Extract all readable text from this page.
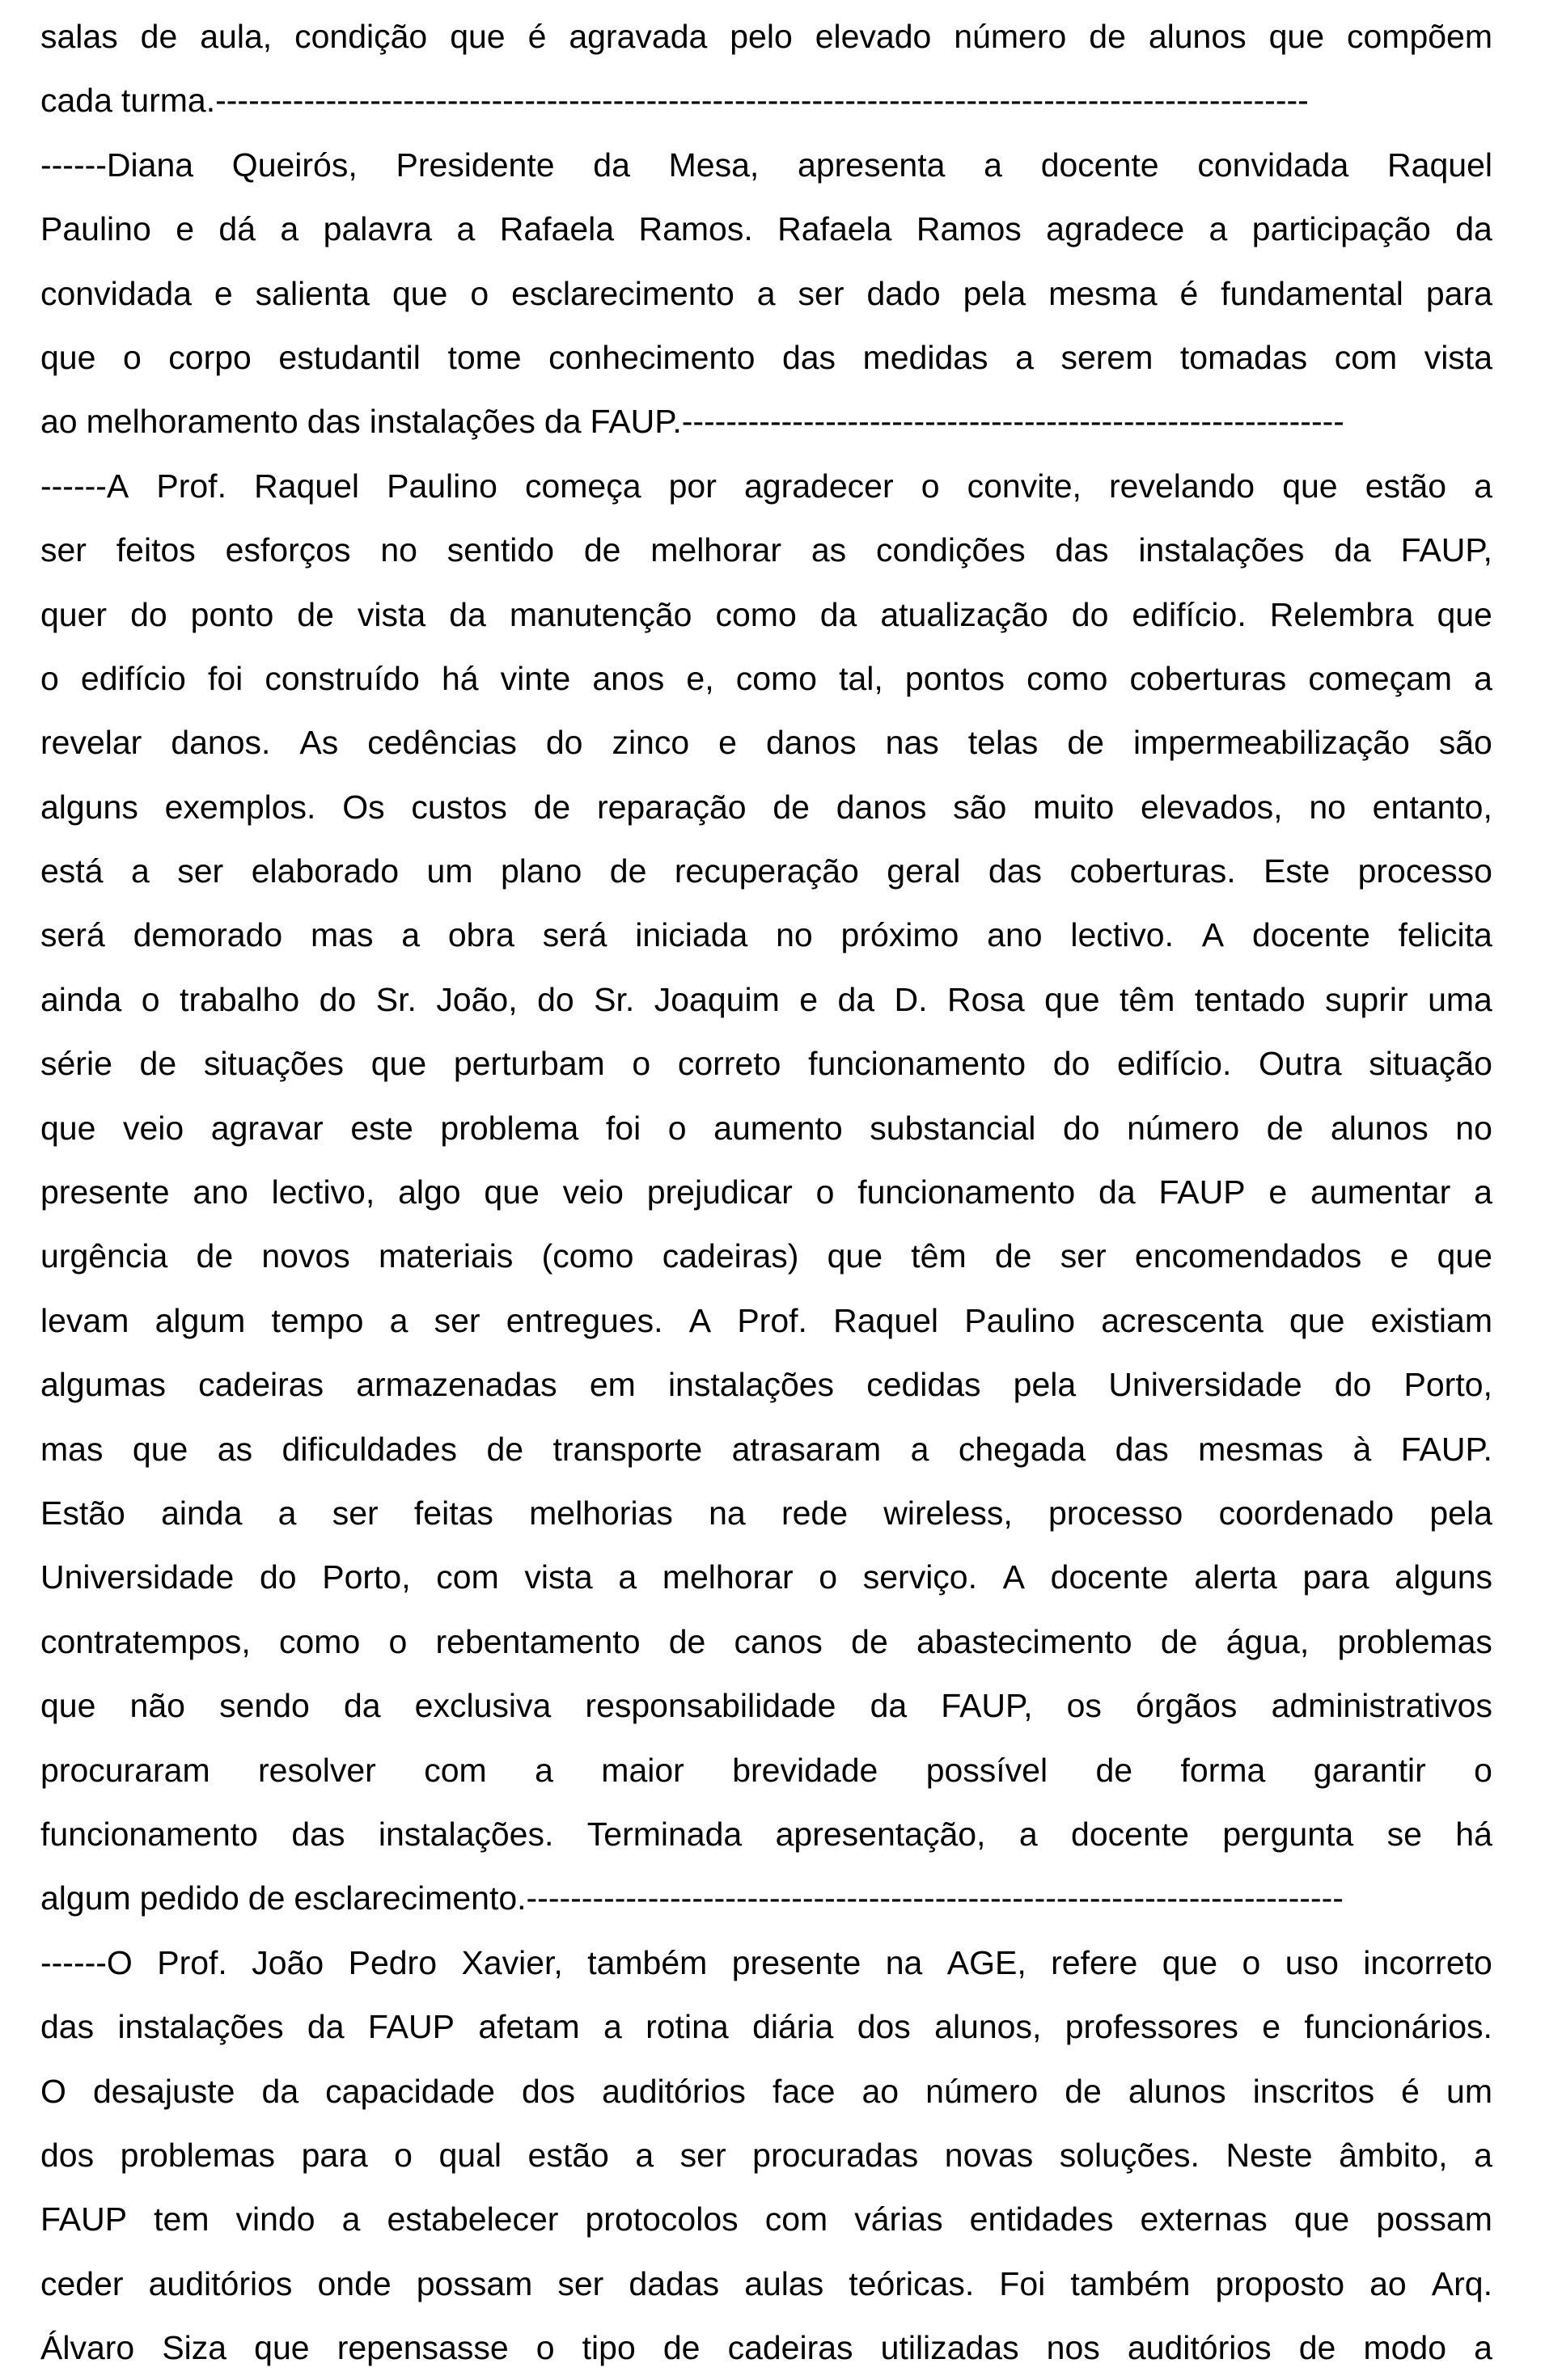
salas de aula, condição que é agravada pelo elevado número de alunos que compõem
cada turma.---------------------------------------------------------------------------------------------------
------Diana Queirós, Presidente da Mesa, apresenta a docente convidada Raquel
Paulino e dá a palavra a Rafaela Ramos. Rafaela Ramos agradece a participação da
convidada e salienta que o esclarecimento a ser dado pela mesma é fundamental para
que o corpo estudantil tome conhecimento das medidas a serem tomadas com vista
ao melhoramento das instalações da FAUP.------------------------------------------------------------
------A Prof. Raquel Paulino começa por agradecer o convite, revelando que estão a
ser feitos esforços no sentido de melhorar as condições das instalações da FAUP,
quer do ponto de vista da manutenção como da atualização do edifício. Relembra que
o edifício foi construído há vinte anos e, como tal, pontos como coberturas começam a
revelar danos. As cedências do zinco e danos nas telas de impermeabilização são
alguns exemplos. Os custos de reparação de danos são muito elevados, no entanto,
está a ser elaborado um plano de recuperação geral das coberturas. Este processo
será demorado mas a obra será iniciada no próximo ano lectivo. A docente felicita
ainda o trabalho do Sr. João, do Sr. Joaquim e da D. Rosa que têm tentado suprir uma
série de situações que perturbam o correto funcionamento do edifício. Outra situação
que veio agravar este problema foi o aumento substancial do número de alunos no
presente ano lectivo, algo que veio prejudicar o funcionamento da FAUP e aumentar a
urgência de novos materiais (como cadeiras) que têm de ser encomendados e que
levam algum tempo a ser entregues. A Prof. Raquel Paulino acrescenta que existiam
algumas cadeiras armazenadas em instalações cedidas pela Universidade do Porto,
mas que as dificuldades de transporte atrasaram a chegada das mesmas à FAUP.
Estão ainda a ser feitas melhorias na rede wireless, processo coordenado pela
Universidade do Porto, com vista a melhorar o serviço. A docente alerta para alguns
contratempos, como o rebentamento de canos de abastecimento de água, problemas
que não sendo da exclusiva responsabilidade da FAUP, os órgãos administrativos
procuraram resolver com a maior brevidade possível de forma garantir o
funcionamento das instalações. Terminada apresentação, a docente pergunta se há
algum pedido de esclarecimento.--------------------------------------------------------------------------
------O Prof. João Pedro Xavier, também presente na AGE, refere que o uso incorreto
das instalações da FAUP afetam a rotina diária dos alunos, professores e funcionários.
O desajuste da capacidade dos auditórios face ao número de alunos inscritos é um
dos problemas para o qual estão a ser procuradas novas soluções. Neste âmbito, a
FAUP tem vindo a estabelecer protocolos com várias entidades externas que possam
ceder auditórios onde possam ser dadas aulas teóricas. Foi também proposto ao Arq.
Álvaro Siza que repensasse o tipo de cadeiras utilizadas nos auditórios de modo a
